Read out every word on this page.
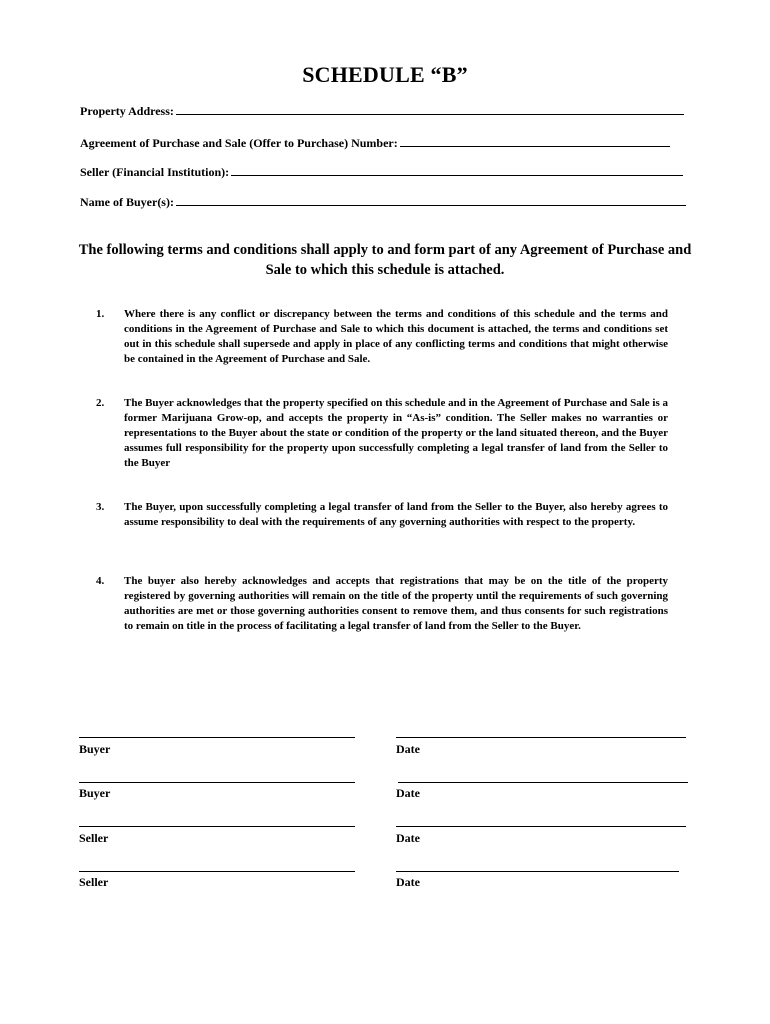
SCHEDULE “B”
Property Address:
Agreement of Purchase and Sale (Offer to Purchase) Number:
Seller (Financial Institution):
Name of Buyer(s):
The following terms and conditions shall apply to and form part of any Agreement of Purchase and Sale to which this schedule is attached.
1.	Where there is any conflict or discrepancy between the terms and conditions of this schedule and the terms and conditions in the Agreement of Purchase and Sale to which this document is attached, the terms and conditions set out in this schedule shall supersede and apply in place of any conflicting terms and conditions that might otherwise be contained in the Agreement of Purchase and Sale.
2.	The Buyer acknowledges that the property specified on this schedule and in the Agreement of Purchase and Sale is a former Marijuana Grow-op, and accepts the property in “As-is” condition. The Seller makes no warranties or representations to the Buyer about the state or condition of the property or the land situated thereon, and the Buyer assumes full responsibility for the property upon successfully completing a legal transfer of land from the Seller to the Buyer
3.	The Buyer, upon successfully completing a legal transfer of land from the Seller to the Buyer, also hereby agrees to assume responsibility to deal with the requirements of any governing authorities with respect to the property.
4.	The buyer also hereby acknowledges and accepts that registrations that may be on the title of the property registered by governing authorities will remain on the title of the property until the requirements of such governing authorities are met or those governing authorities consent to remove them, and thus consents for such registrations to remain on title in the process of facilitating a legal transfer of land from the Seller to the Buyer.
Buyer	Date
Buyer	Date
Seller	Date
Seller	Date
